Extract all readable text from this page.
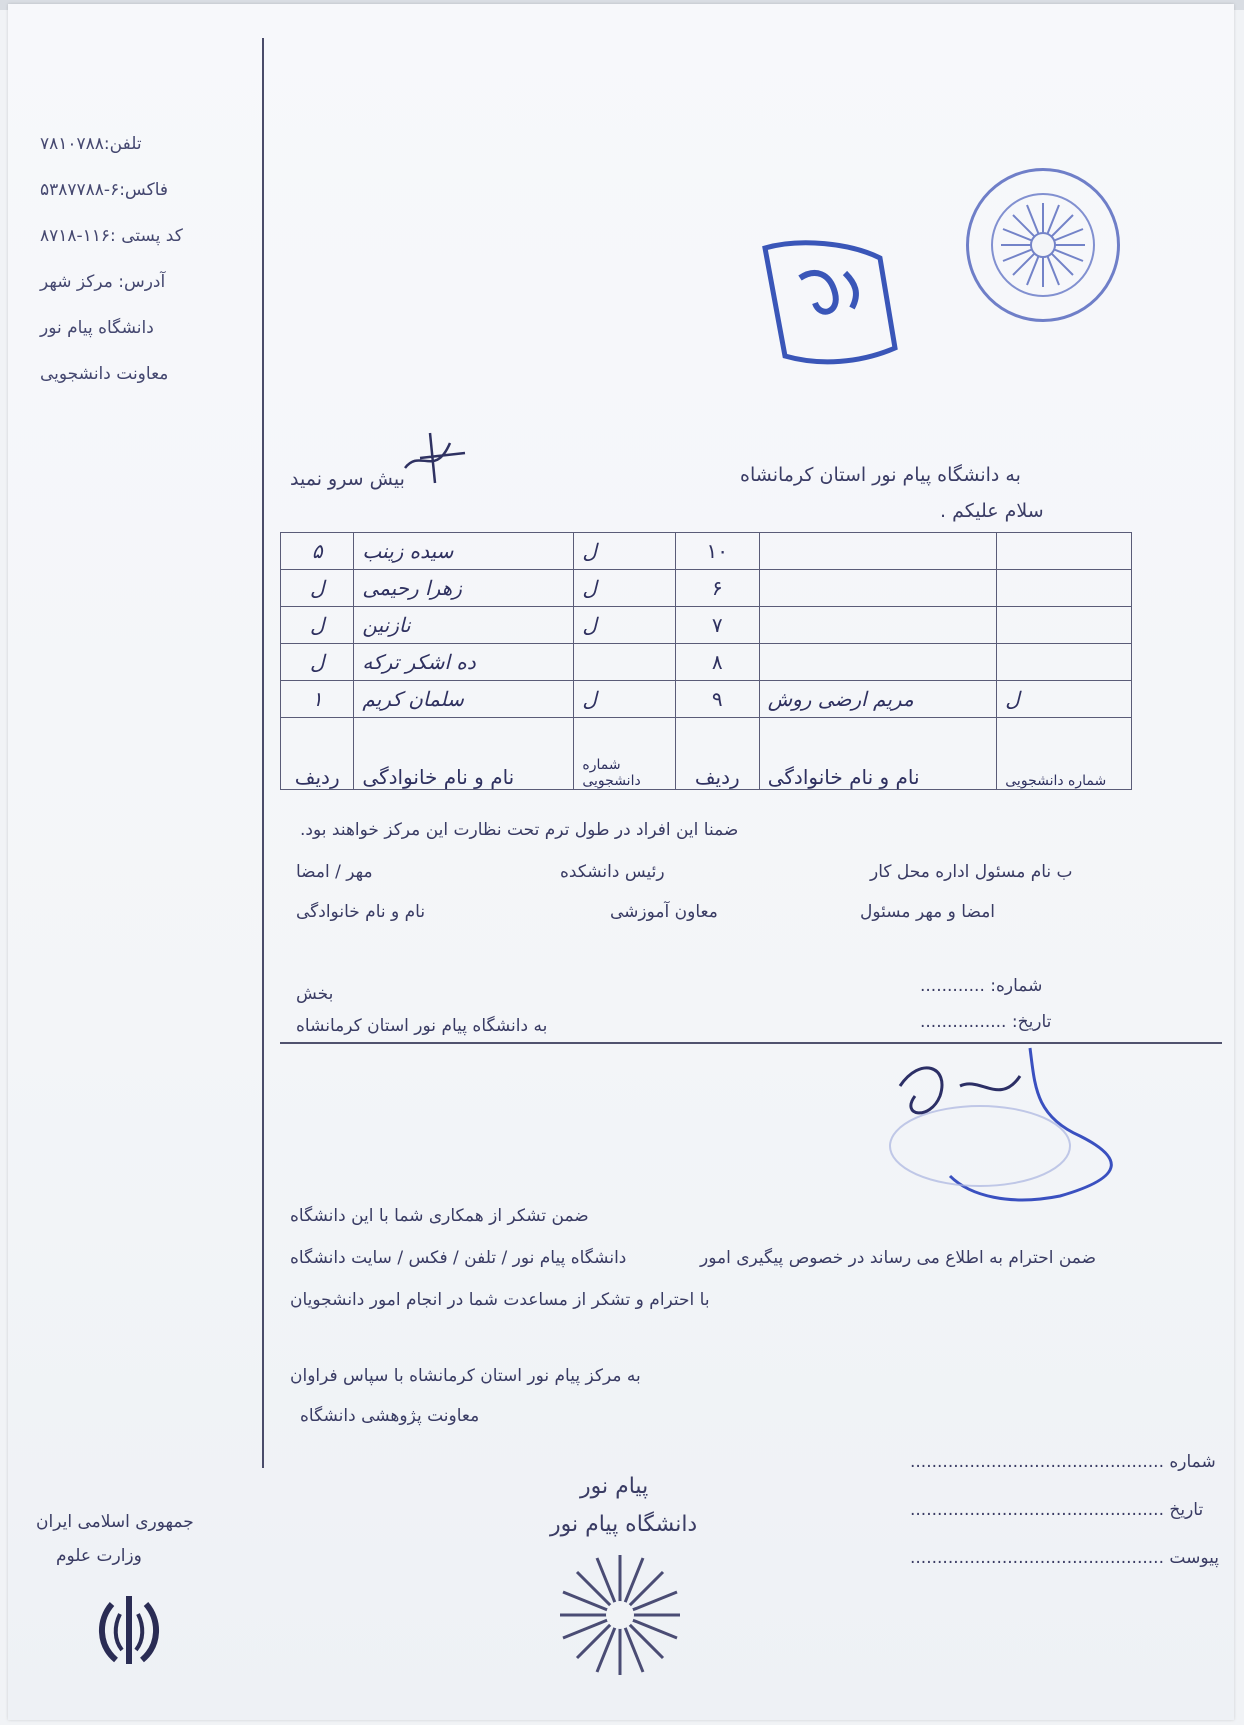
تلفن:۷۸۱۰۷۸۸
فاکس:۶-۵۳۸۷۷۸۸
۸۷۱۸-۱۱۶: کد پستی
آدرس: مرکز شهر
دانشگاه پیام نور
معاونت دانشجویی
به دانشگاه پیام نور استان کرمانشاه
سلام علیکم .
بیش سرو نمید
۵	سیده زینب	ل	۱۰		
ل	زهرا رحیمی	ل	۶		
ل	نازنین	ل	۷		
ل	ده اشکر ترکه		۸		
۱	سلمان کریم	ل	۹	مریم ارضی روش	ل
ردیف	نام و نام خانوادگی	شماره دانشجویی	ردیف	نام و نام خانوادگی	شماره دانشجویی
ضمنا این افراد در طول ترم تحت نظارت این مرکز خواهند بود.
مهر / امضا	رئیس دانشکده	ب نام مسئول اداره محل کار
نام و نام خانوادگی	معاون آموزشی	امضا و مهر مسئول
بخش	شماره: ............
تاریخ: ................
به دانشگاه پیام نور استان کرمانشاه
ضمن تشکر از همکاری شما با این دانشگاه
دانشگاه پیام نور / تلفن / فکس / سایت دانشگاه	ضمن احترام به اطلاع می رساند در خصوص پیگیری امور
با احترام و تشکر از مساعدت شما در انجام امور دانشجویان
به مرکز پیام نور استان کرمانشاه با سپاس فراوان
معاونت پژوهشی دانشگاه
پیام نور
دانشگاه پیام نور
شماره ...............................................
تاریخ ...............................................
پیوست ...............................................
جمهوری اسلامی ایران
وزارت علوم
